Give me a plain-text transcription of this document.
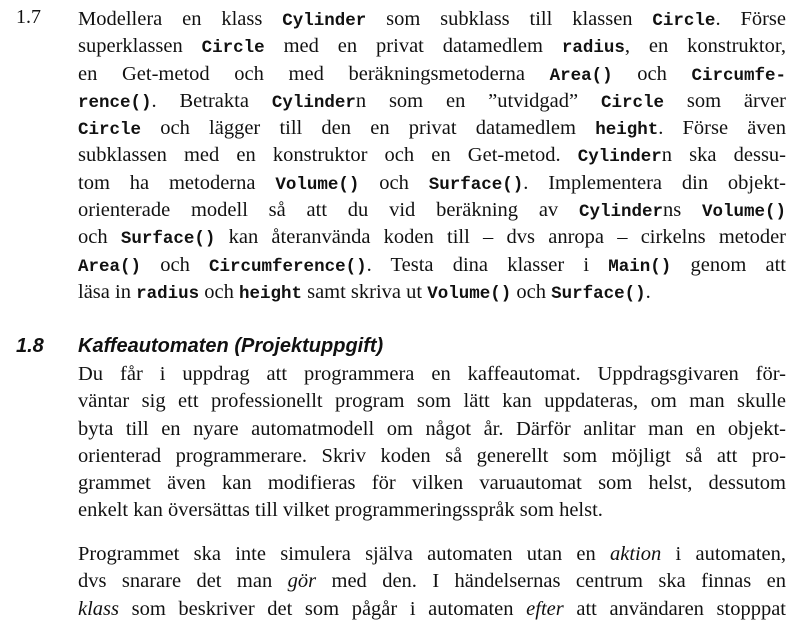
1.7 Modellera en klass Cylinder som subklass till klassen Circle. Förse
superklassen Circle med en privat datamedlem radius, en konstruktor,
en Get-metod och med beräkningsmetoderna Area() och Circumfe-
rence(). Betrakta Cylindern som en ”utvidgad” Circle som ärver
Circle och lägger till den en privat datamedlem height. Förse även
subklassen med en konstruktor och en Get-metod. Cylindern ska dessu-
tom ha metoderna Volume() och Surface(). Implementera din objekt-
orienterade modell så att du vid beräkning av Cylinderns Volume()
och Surface() kan återanvända koden till – dvs anropa – cirkelns metoder
Area() och Circumference(). Testa dina klasser i Main() genom att
läsa in radius och height samt skriva ut Volume() och Surface().
1.8 Kaffeautomaten (Projektuppgift)
Du får i uppdrag att programmera en kaffeautomat. Uppdragsgivaren för-
väntar sig ett professionellt program som lätt kan uppdateras, om man skulle
byta till en nyare automatmodell om något år. Därför anlitar man en objekt-
orienterad programmerare. Skriv koden så generellt som möjligt så att pro-
grammet även kan modifieras för vilken varuautomat som helst, dessutom
enkelt kan översättas till vilket programmeringsspråk som helst.
Programmet ska inte simulera själva automaten utan en aktion i automaten,
dvs snarare det man gör med den. I händelsernas centrum ska finnas en
klass som beskriver det som pågår i automaten efter att användaren stopppat
